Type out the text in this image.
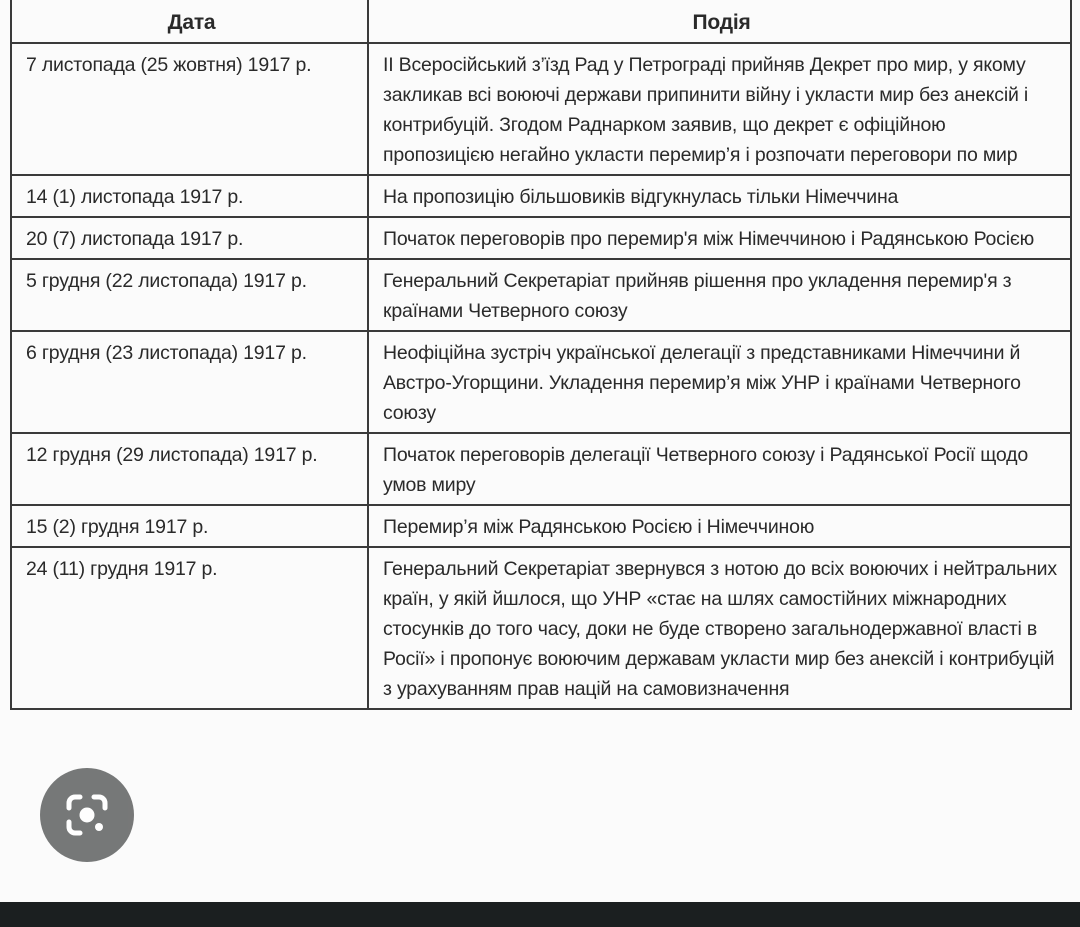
Дата	Подія
7 листопада (25 жовтня) 1917 р.	II Всеросійський з’їзд Рад у Петрограді прийняв Декрет про мир, у якому закликав всі воюючі держави припинити війну і укласти мир без анексій і контрибуцій. Згодом Раднарком заявив, що декрет є офіційною пропозицією негайно укласти перемир’я і розпочати переговори по мир
14 (1) листопада 1917 р.	На пропозицію більшовиків відгукнулась тільки Німеччина
20 (7) листопада 1917 р.	Початок переговорів про перемир'я між Німеччиною і Радянською Росією
5 грудня (22 листопада) 1917 р.	Генеральний Секретаріат прийняв рішення про укладення перемир'я з країнами Четверного союзу
6 грудня (23 листопада) 1917 р.	Неофіційна зустріч української делегації з представниками Німеччини й Австро-Угорщини. Укладення перемир’я між УНР і країнами Четверного союзу
12 грудня (29 листопада) 1917 р.	Початок переговорів делегації Четверного союзу і Радянської Росії щодо умов миру
15 (2) грудня 1917 р.	Перемир’я між Радянською Росією і Німеччиною
24 (11) грудня 1917 р.	Генеральний Секретаріат звернувся з нотою до всіх воюючих і нейтральних країн, у якій йшлося, що УНР «стає на шлях самостійних міжнародних стосунків до того часу, доки не буде створено загальнодержавної власті в Росії» і пропонує воюючим державам укласти мир без анексій і контрибуцій з урахуванням прав націй на самовизначення
